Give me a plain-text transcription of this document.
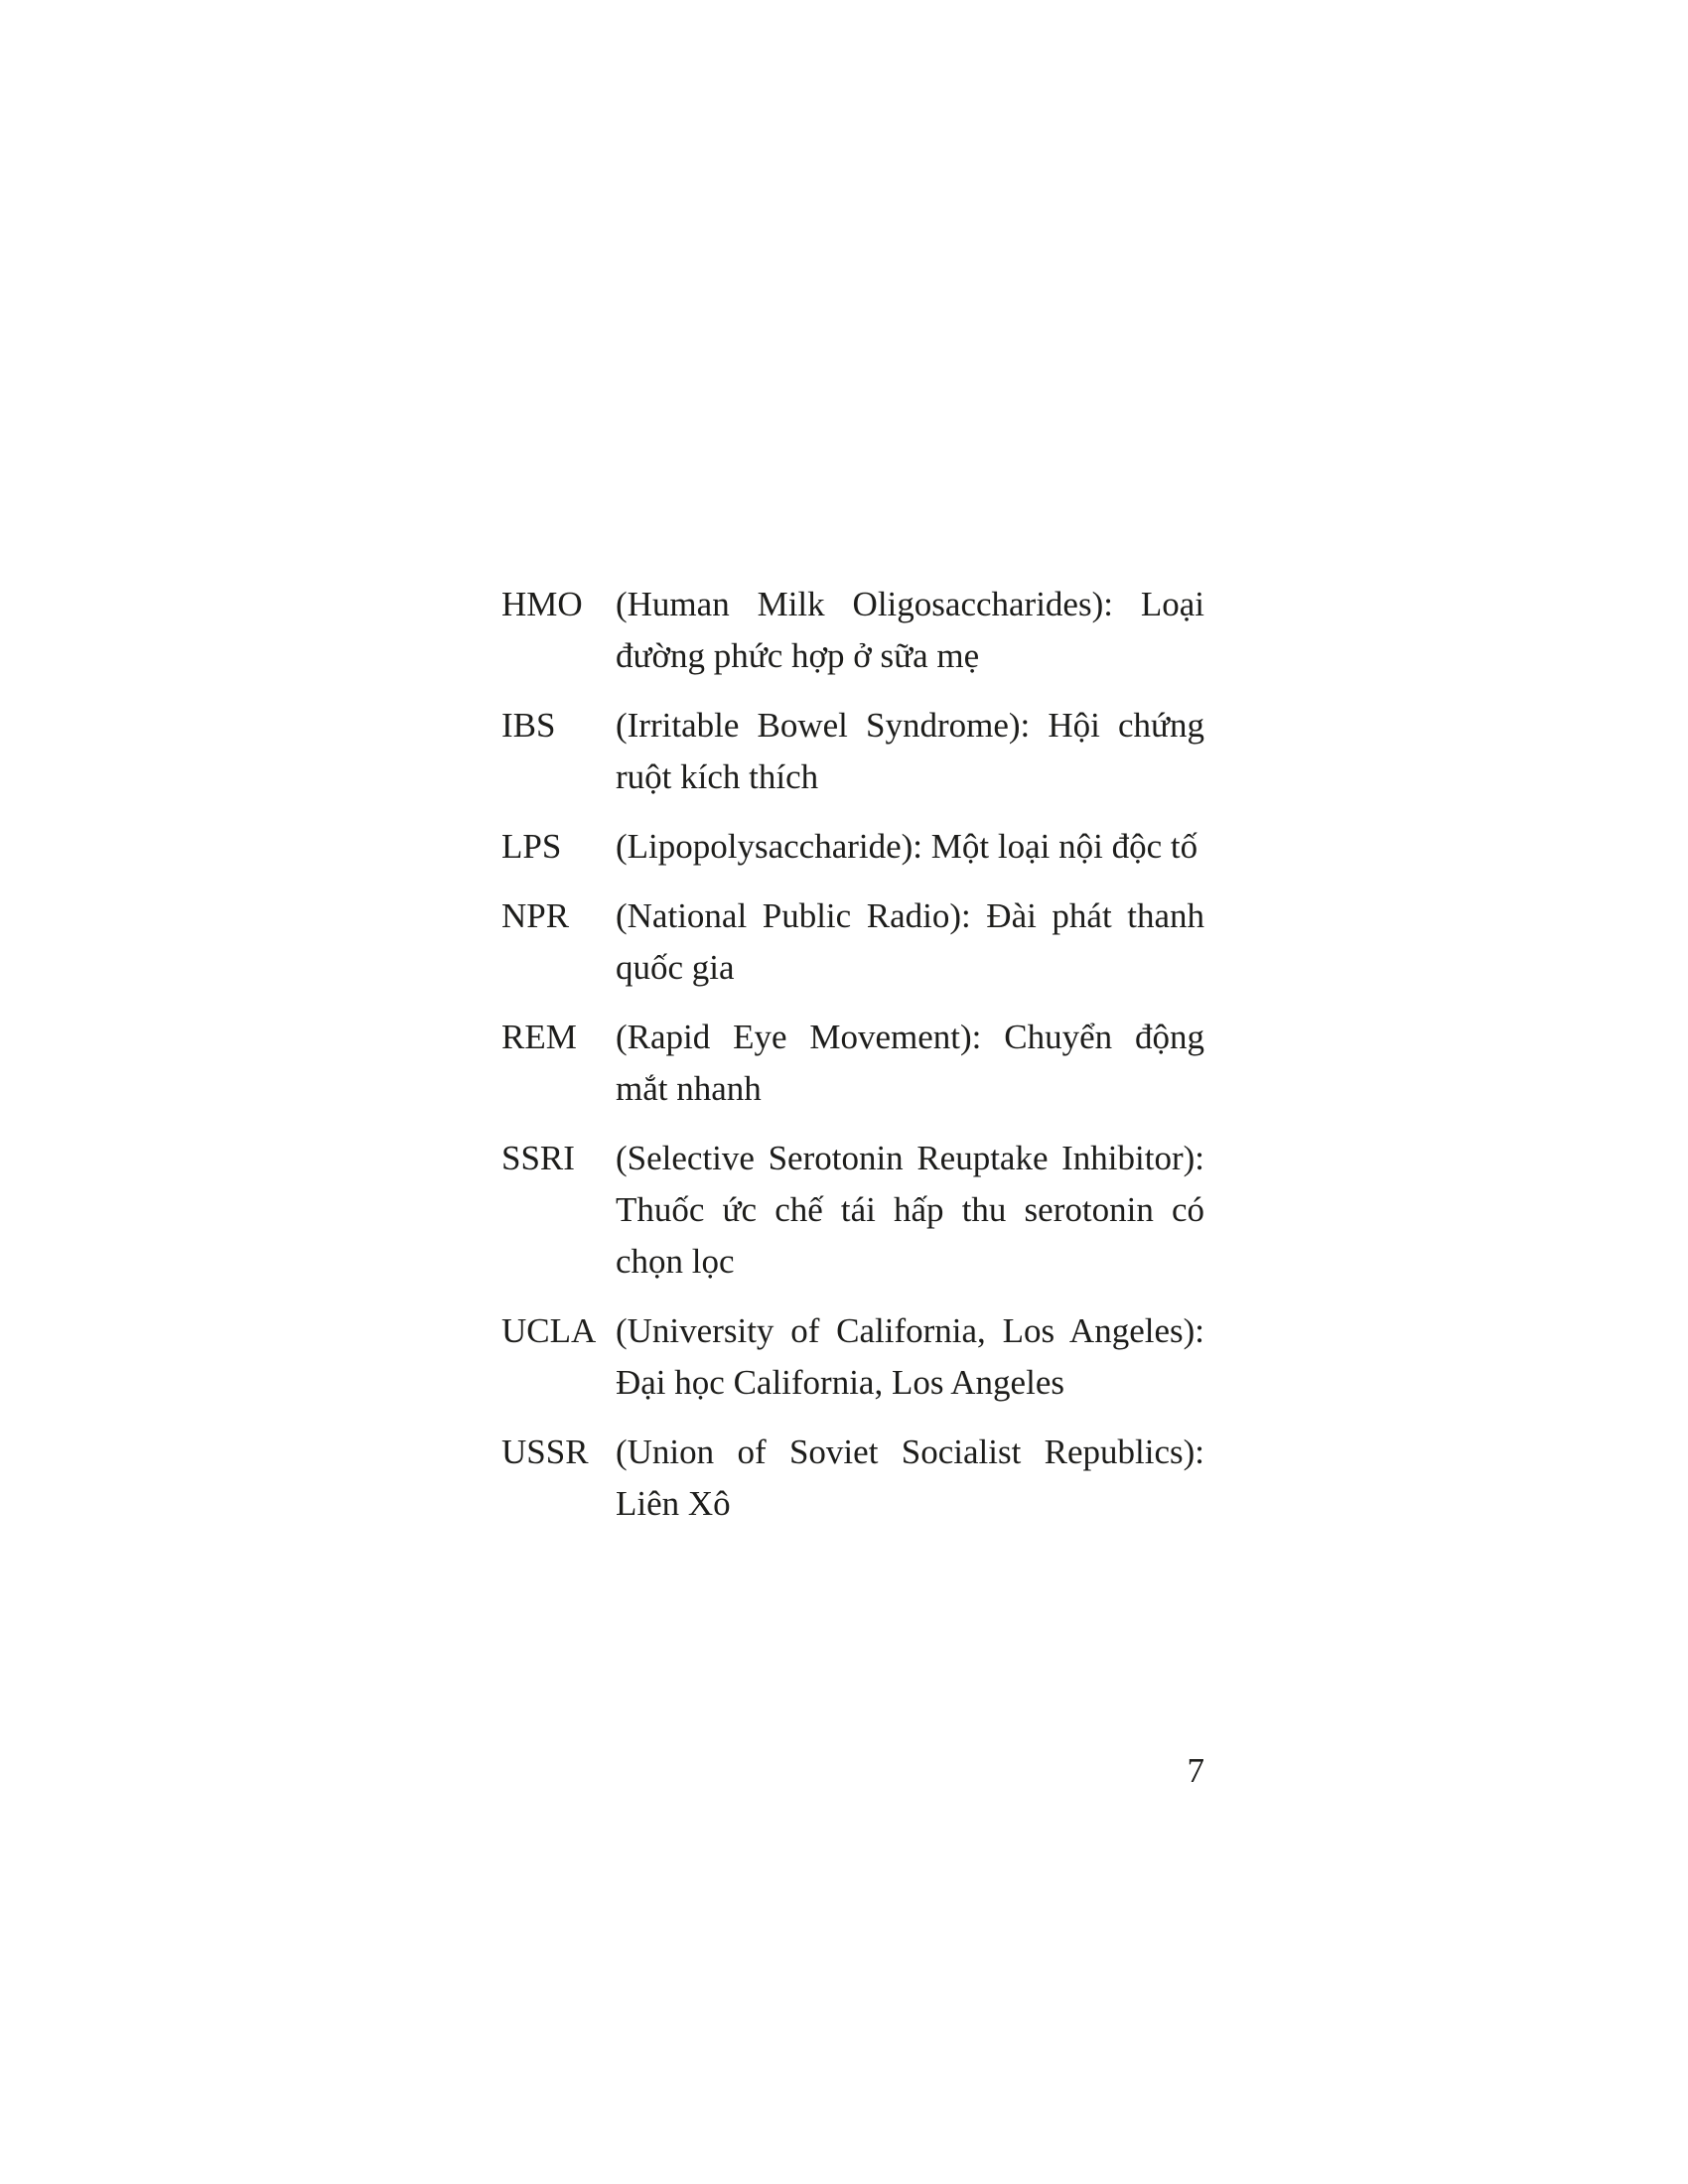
HMO (Human Milk Oligosaccharides): Loại
đường phức hợp ở sữa mẹ
IBS	(Irritable Bowel Syndrome): Hội chứng
ruột kích thích
LPS	(Lipopolysaccharide): Một loại nội độc tố
NPR	(National Public Radio): Đài phát thanh
quốc gia
REM	(Rapid Eye Movement): Chuyển động
mắt nhanh
SSRI	(Selective Serotonin Reuptake Inhibitor):
Thuốc ức chế tái hấp thu serotonin có
chọn lọc
UCLA (University of California, Los Angeles):
Đại học California, Los Angeles
USSR (Union of Soviet Socialist Republics):
Liên Xô
7
